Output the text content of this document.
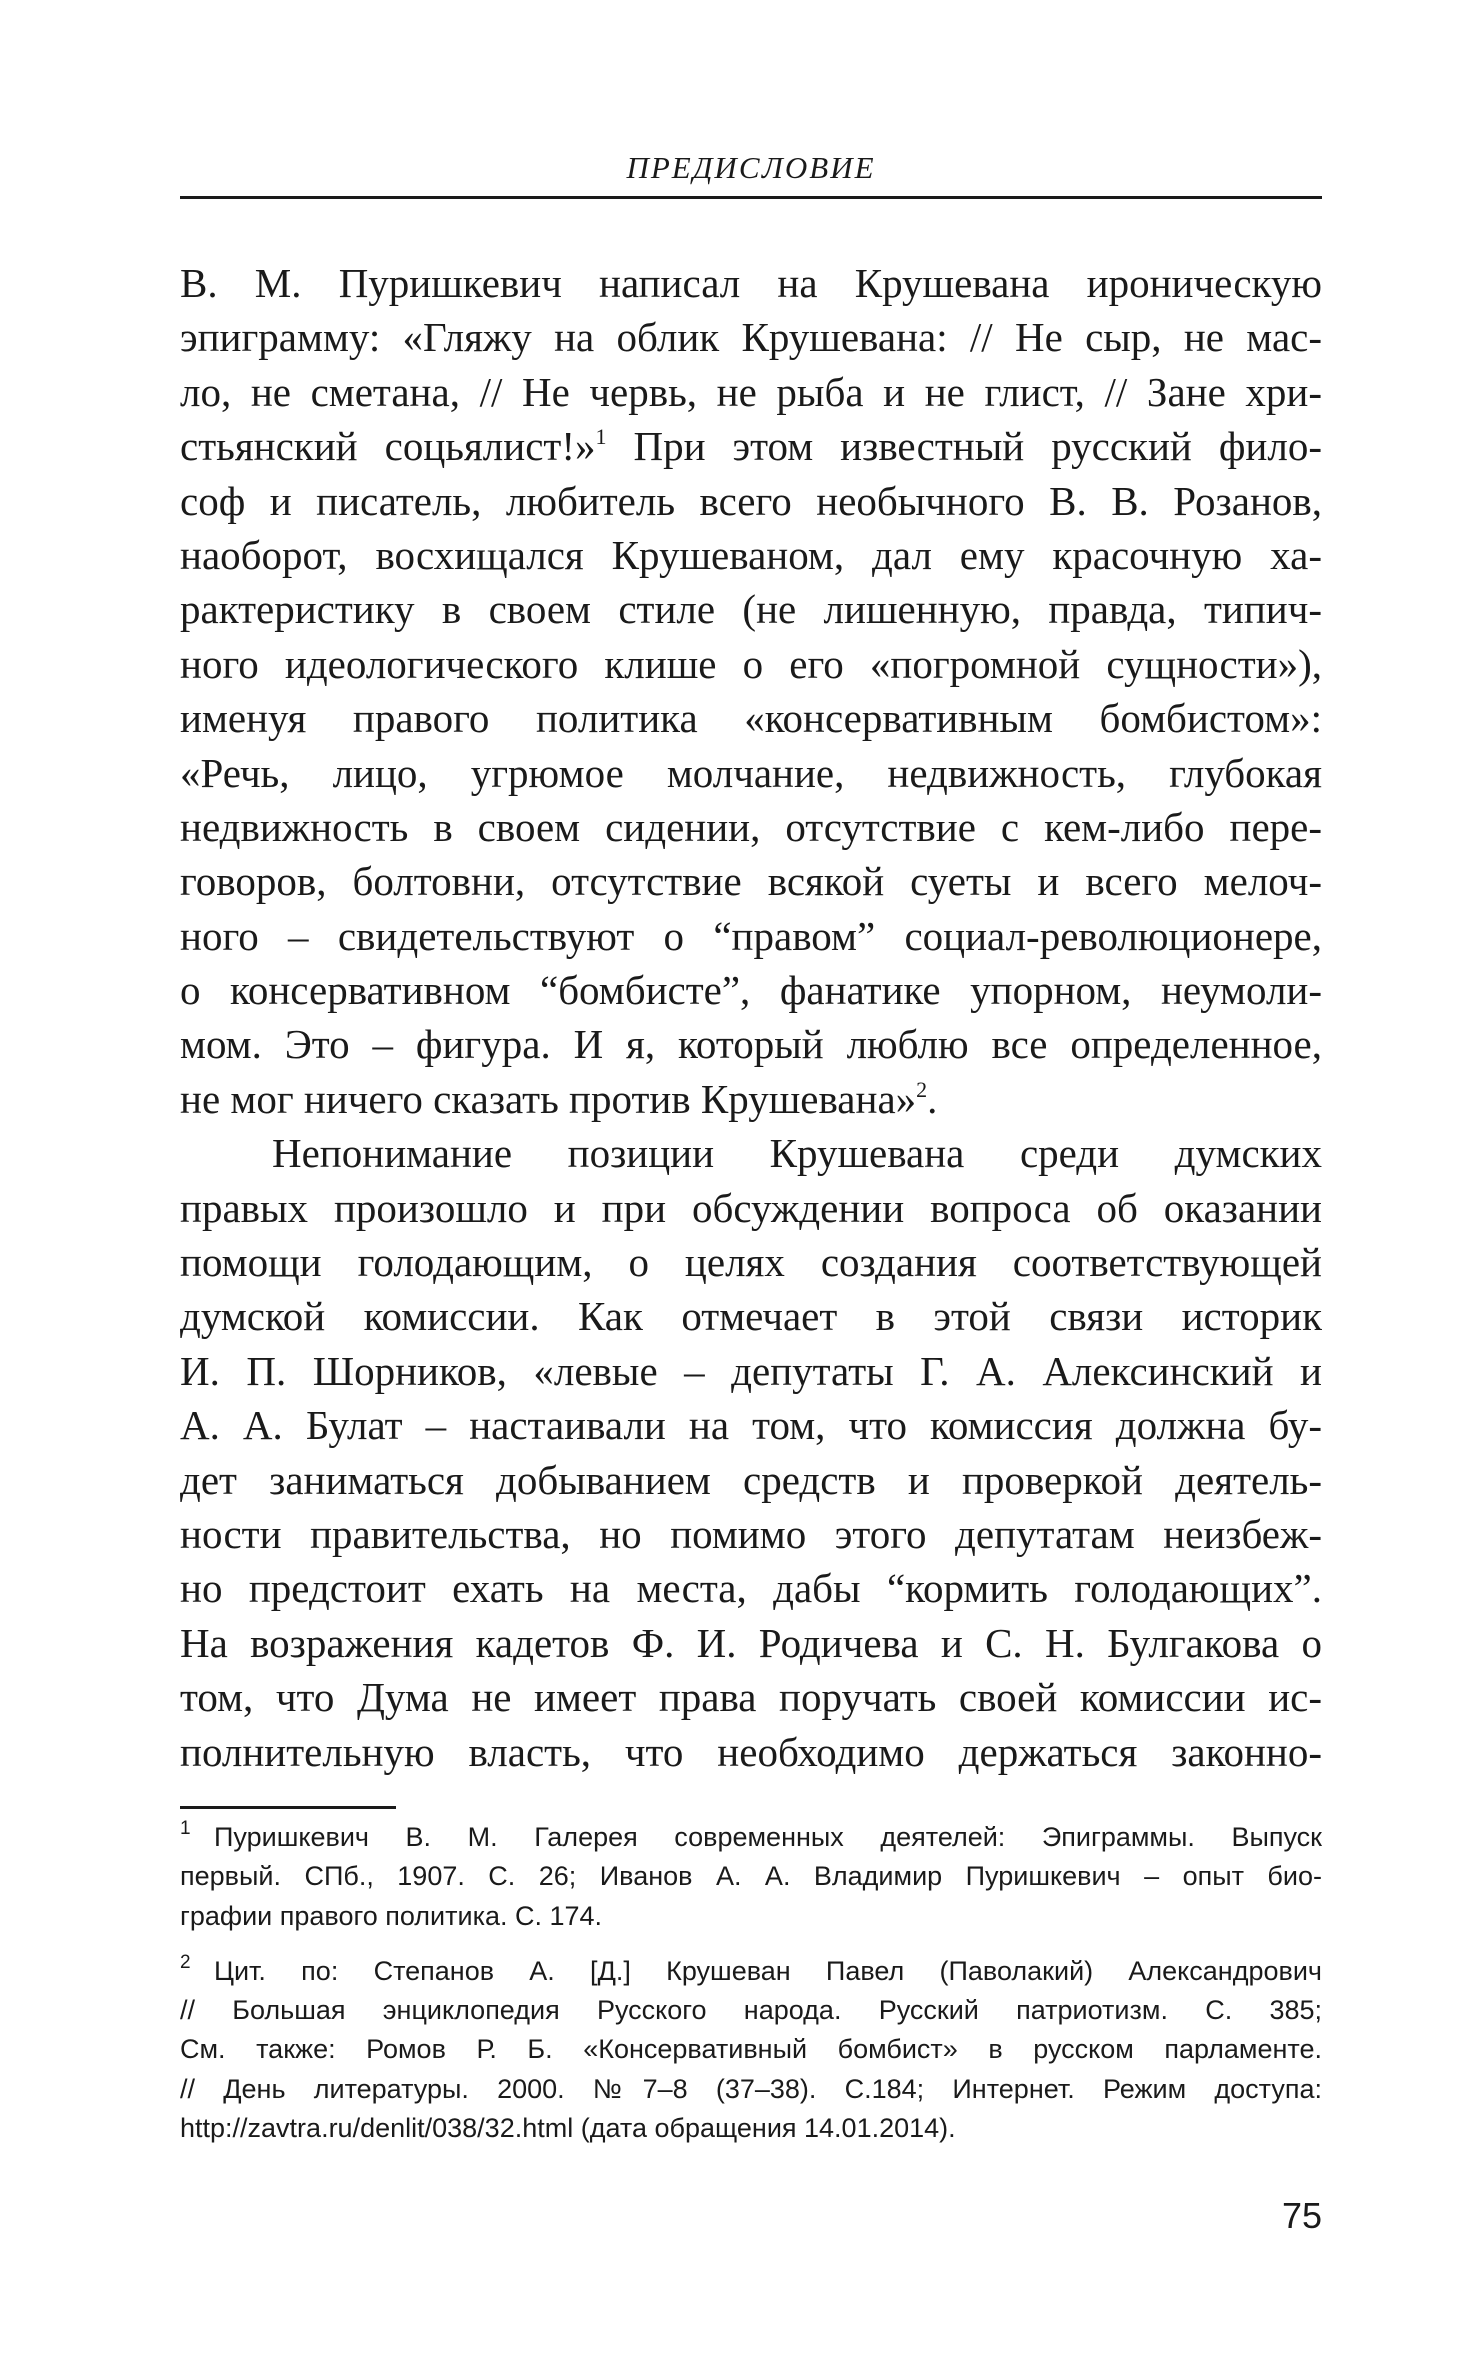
ПРЕДИСЛОВИЕ
В. М. Пуришкевич написал на Крушевана ироническую
эпиграмму: «Гляжу на облик Крушевана: // Не сыр, не мас-
ло, не сметана, // Не червь, не рыба и не глист, // Зане хри-
стьянский соцьялист!»$^1$ При этом известный русский фило-
соф и писатель, любитель всего необычного В. В. Розанов,
наоборот, восхищался Крушеваном, дал ему красочную ха-
рактеристику в своем стиле (не лишенную, правда, типич-
ного идеологического клише о его «погромной сущности»),
именуя правого политика «консервативным бомбистом»:
«Речь, лицо, угрюмое молчание, недвижность, глубокая
недвижность в своем сидении, отсутствие с кем-либо пере-
говоров, болтовни, отсутствие всякой суеты и всего мелоч-
ного – свидетельствуют о “правом” социал-революционере,
о консервативном “бомбисте”, фанатике упорном, неумоли-
мом. Это – фигура. И я, который люблю все определенное,
не мог ничего сказать против Крушевана»$^2$.
Непонимание позиции Крушевана среди думских
правых произошло и при обсуждении вопроса об оказании
помощи голодающим, о целях создания соответствующей
думской комиссии. Как отмечает в этой связи историк
И. П. Шорников, «левые – депутаты Г. А. Алексинский и
А. А. Булат – настаивали на том, что комиссия должна бу-
дет заниматься добыванием средств и проверкой деятель-
ности правительства, но помимо этого депутатам неизбеж-
но предстоит ехать на места, дабы “кормить голодающих”.
На возражения кадетов Ф. И. Родичева и С. Н. Булгакова о
том, что Дума не имеет права поручать своей комиссии ис-
полнительную власть, что необходимо держаться законно-
1 Пуришкевич В. М. Галерея современных деятелей: Эпиграммы. Выпуск
первый. СПб., 1907. С. 26; Иванов А. А. Владимир Пуришкевич – опыт био-
графии правого политика. С. 174.
2 Цит. по: Степанов А. [Д.] Крушеван Павел (Паволакий) Александрович
// Большая энциклопедия Русского народа. Русский патриотизм. С. 385;
См. также: Ромов Р. Б. «Консервативный бомбист» в русском парламенте.
// День литературы. 2000. №7–8 (37–38). С.184; Интернет. Режим доступа:
http://zavtra.ru/denlit/038/32.html (дата обращения 14.01.2014).
75
